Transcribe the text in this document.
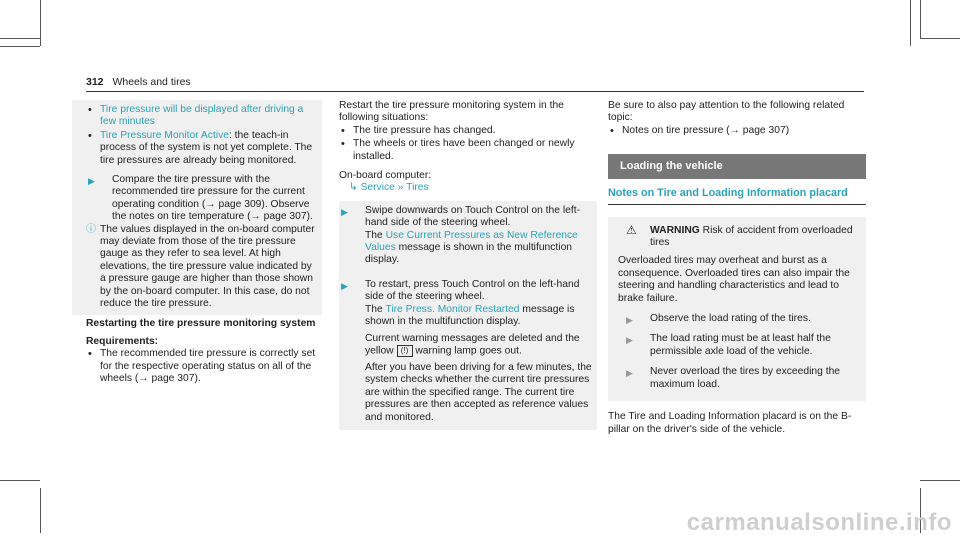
312 Wheels and tires
• Tire pressure will be displayed after driving a few minutes
• Tire Pressure Monitor Active: the teach-in process of the system is not yet complete. The tire pressures are already being monitored.
▶ Compare the tire pressure with the recommended tire pressure for the current operating condition (→ page 309). Observe the notes on tire temperature (→ page 307).
ⓘ The values displayed in the on-board computer may deviate from those of the tire pressure gauge as they refer to sea level. At high elevations, the tire pressure value indicated by a pressure gauge are higher than those shown by the on-board computer. In this case, do not reduce the tire pressure.

Restarting the tire pressure monitoring system

Requirements:

• The recommended tire pressure is correctly set for the respective operating status on all of the wheels (→ page 307).

Restart the tire pressure monitoring system in the following situations:

• The tire pressure has changed.
• The wheels or tires have been changed or newly installed.

On-board computer:

↳ Service » Tires

▶ Swipe downwards on Touch Control on the left-hand side of the steering wheel.

The Use Current Pressures as New Reference Values message is shown in the multifunction display.

▶ To restart, press Touch Control on the left-hand side of the steering wheel.

The Tire Press. Monitor Restarted message is shown in the multifunction display.

Current warning messages are deleted and the yellow (!) warning lamp goes out.

After you have been driving for a few minutes, the system checks whether the current tire pressures are within the specified range. The current tire pressures are then accepted as reference values and monitored.

Be sure to also pay attention to the following related topic:

• Notes on tire pressure (→ page 307)
Loading the vehicle
Notes on Tire and Loading Information placard
⚠ WARNING Risk of accident from overloaded tires

Overloaded tires may overheat and burst as a consequence. Overloaded tires can also impair the steering and handling characteristics and lead to brake failure.

▶ Observe the load rating of the tires.
▶ The load rating must be at least half the permissible axle load of the vehicle.
▶ Never overload the tires by exceeding the maximum load.

The Tire and Loading Information placard is on the B-pillar on the driver's side of the vehicle.

carmanualsonline.info
